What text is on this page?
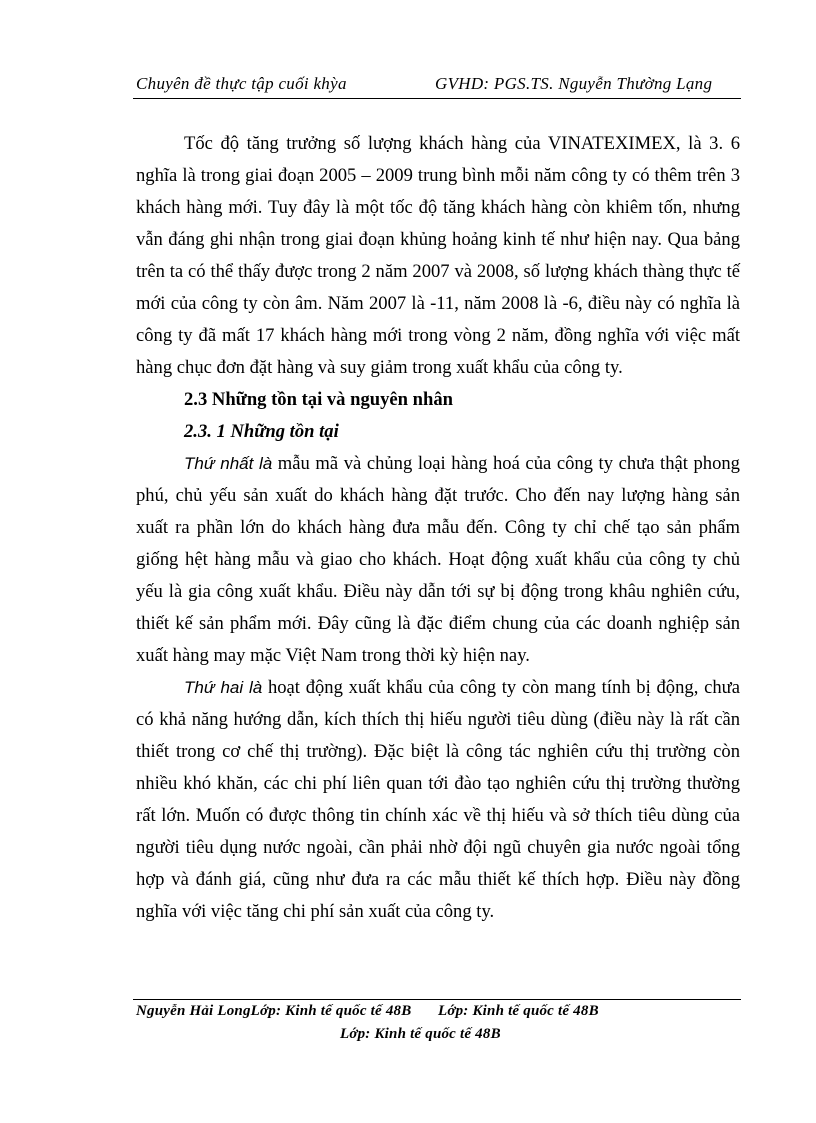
Chuyên đề thực tập cuối khỳa	GVHD: PGS.TS. Nguyễn Thường Lạng

Tốc độ tăng trưởng số lượng khách hàng của VINATEXIMEX, là 3. 6 nghĩa là trong giai đoạn 2005 – 2009 trung bình mỗi năm công ty có thêm trên 3 khách hàng mới. Tuy đây là một tốc độ tăng khách hàng còn khiêm tốn, nhưng vẫn đáng ghi nhận trong giai đoạn khủng hoảng kinh tế như hiện nay. Qua bảng trên ta có thể thấy được trong 2 năm 2007 và 2008, số lượng khách thàng thực tế mới của công ty còn âm. Năm 2007 là -11, năm 2008 là -6, điều này có nghĩa là công ty đã mất 17 khách hàng mới trong vòng 2 năm, đồng nghĩa với việc mất hàng chục đơn đặt hàng và suy giảm trong xuất khẩu của công ty.

2.3 Những tồn tại và nguyên nhân
2.3. 1 Những tồn tại

Thứ nhất là mẫu mã và chủng loại hàng hoá của công ty chưa thật phong phú, chủ yếu sản xuất do khách hàng đặt trước. Cho đến nay lượng hàng sản xuất ra phần lớn do khách hàng đưa mẫu đến. Công ty chỉ chế tạo sản phẩm giống hệt hàng mẫu và giao cho khách. Hoạt động xuất khẩu của công ty chủ yếu là gia công xuất khẩu. Điều này dẫn tới sự bị động trong khâu nghiên cứu, thiết kế sản phẩm mới. Đây cũng là đặc điểm chung của các doanh nghiệp sản xuất hàng may mặc Việt Nam trong thời kỳ hiện nay.

Thứ hai là hoạt động xuất khẩu của công ty còn mang tính bị động, chưa có khả năng hướng dẫn, kích thích thị hiếu người tiêu dùng (điều này là rất cần thiết trong cơ chế thị trường). Đặc biệt là công tác nghiên cứu thị trường còn nhiều khó khăn, các chi phí liên quan tới đào tạo nghiên cứu thị trường thường rất lớn. Muốn có được thông tin chính xác về thị hiếu và sở thích tiêu dùng của người tiêu dụng nước ngoài, cần phải nhờ đội ngũ chuyên gia nước ngoài tổng hợp và đánh giá, cũng như đưa ra các mẫu thiết kế thích hợp. Điều này đồng nghĩa với việc tăng chi phí sản xuất của công ty.

Nguyễn Hải LongLớp: Kinh tế quốc tế 48B Lớp: Kinh tế quốc tế 48B
Lớp: Kinh tế quốc tế 48B
